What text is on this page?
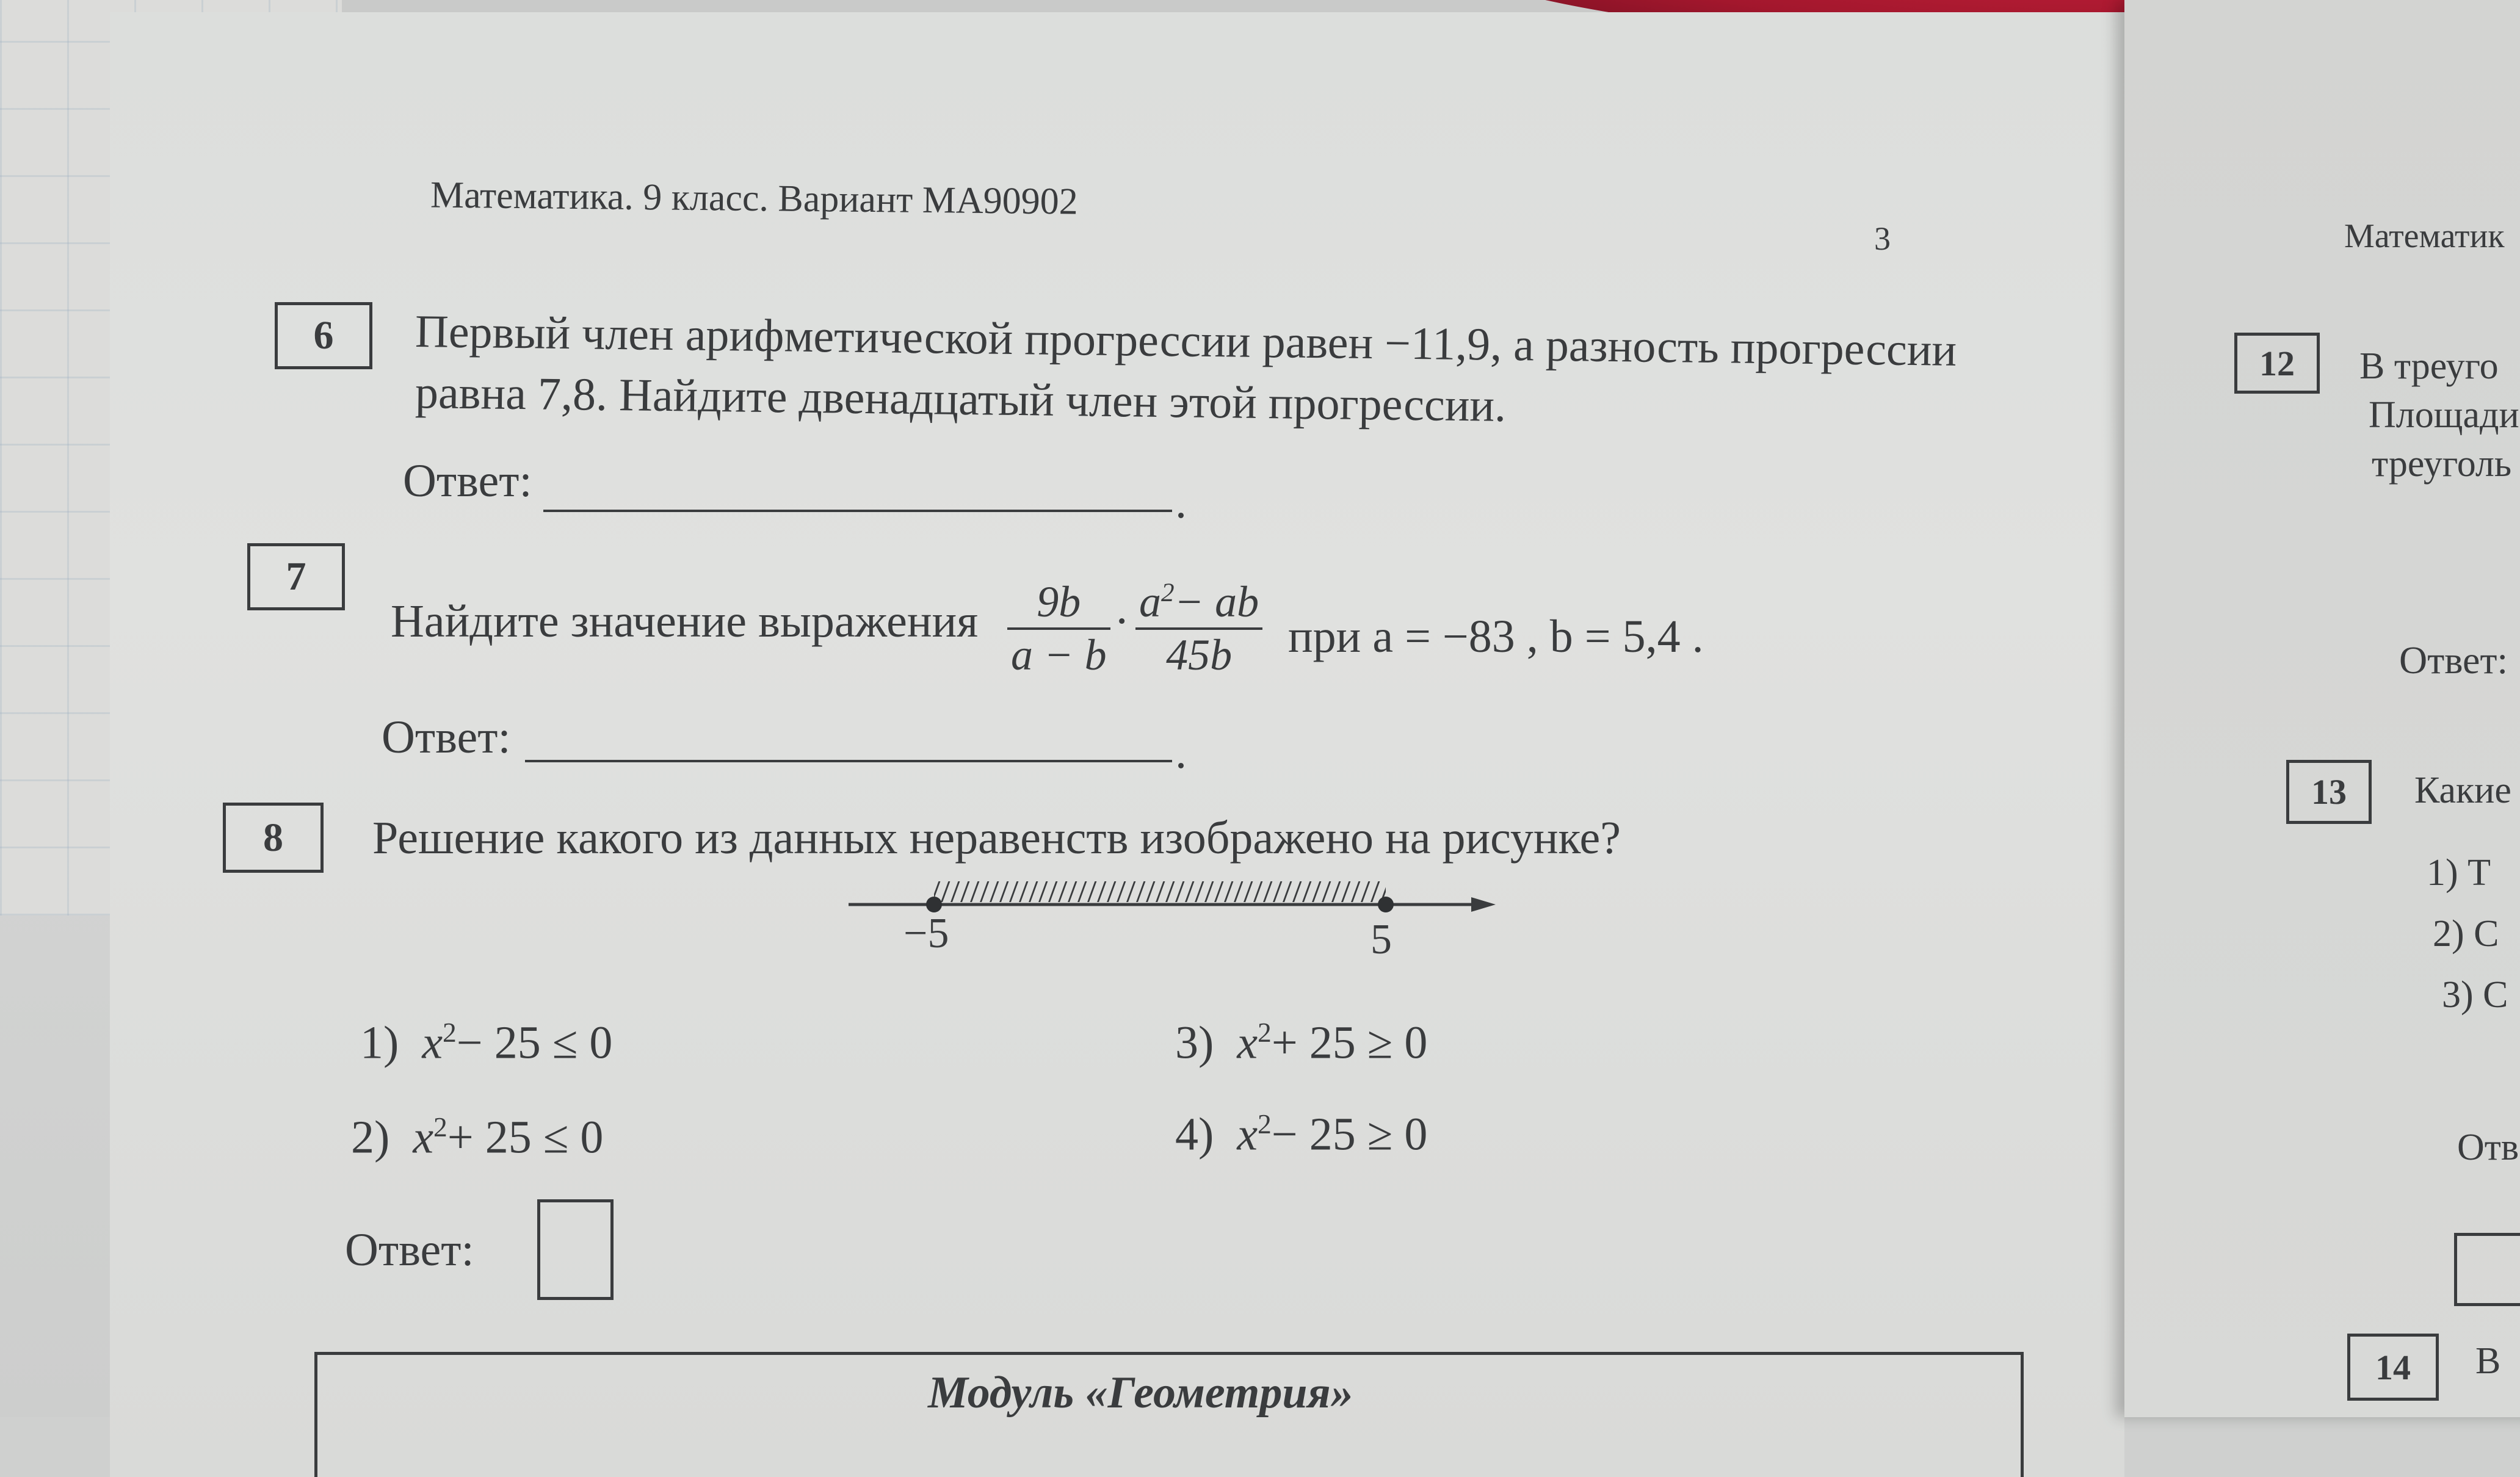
Математика. 9 класс. Вариант МА90902
3
6	Первый член арифметической прогрессии равен −11,9, а разность прогрессии
равна 7,8. Найдите двенадцатый член этой прогрессии.
Ответ:	.
7
Найдите значение выражения $\frac{9b}{a - b} \cdot \frac{a^2- ab}{45b}$ при a = −83 , b = 5,4 .
Ответ:	.
8	Решение какого из данных неравенств изображено на рисунке?
−5	5
1) $x^2- 25 \le 0$
2) $x^2+ 25 \le 0$
3) $x^2+ 25 \ge 0$
4) $x^2- 25 \ge 0$
Ответ:
Модуль «Геометрия»
Математик
12	В треуго
Площади
треуголь
Ответ:
13	Какие
1) Т
2) С
3) С
Отв
14	В
